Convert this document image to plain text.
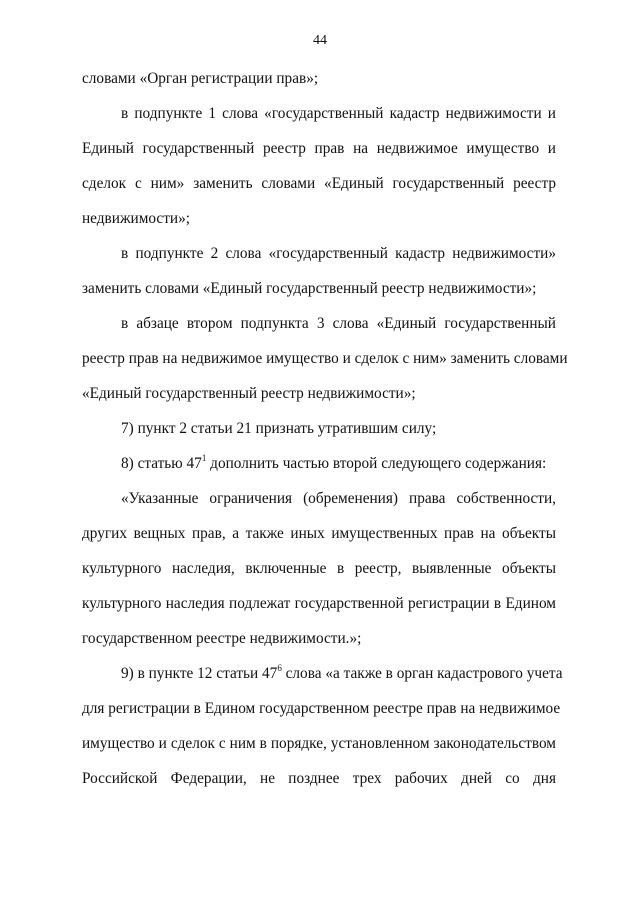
44
словами «Орган регистрации прав»;
в подпункте 1 слова «государственный кадастр недвижимости и
Единый государственный реестр прав на недвижимое имущество и
сделок с ним» заменить словами «Единый государственный реестр
недвижимости»;
в подпункте 2 слова «государственный кадастр недвижимости»
заменить словами «Единый государственный реестр недвижимости»;
в абзаце втором подпункта 3 слова «Единый государственный
реестр прав на недвижимое имущество и сделок с ним» заменить словами
«Единый государственный реестр недвижимости»;
7) пункт 2 статьи 21 признать утратившим силу;
8) статью $47^1$ дополнить частью второй следующего содержания:
«Указанные ограничения (обременения) права собственности,
других вещных прав, а также иных имущественных прав на объекты
культурного наследия, включенные в реестр, выявленные объекты
культурного наследия подлежат государственной регистрации в Едином
государственном реестре недвижимости.»;
9) в пункте 12 статьи $47^6$ слова «а также в орган кадастрового учета
для регистрации в Едином государственном реестре прав на недвижимое
имущество и сделок с ним в порядке, установленном законодательством
Российской Федерации, не позднее трех рабочих дней со дня
